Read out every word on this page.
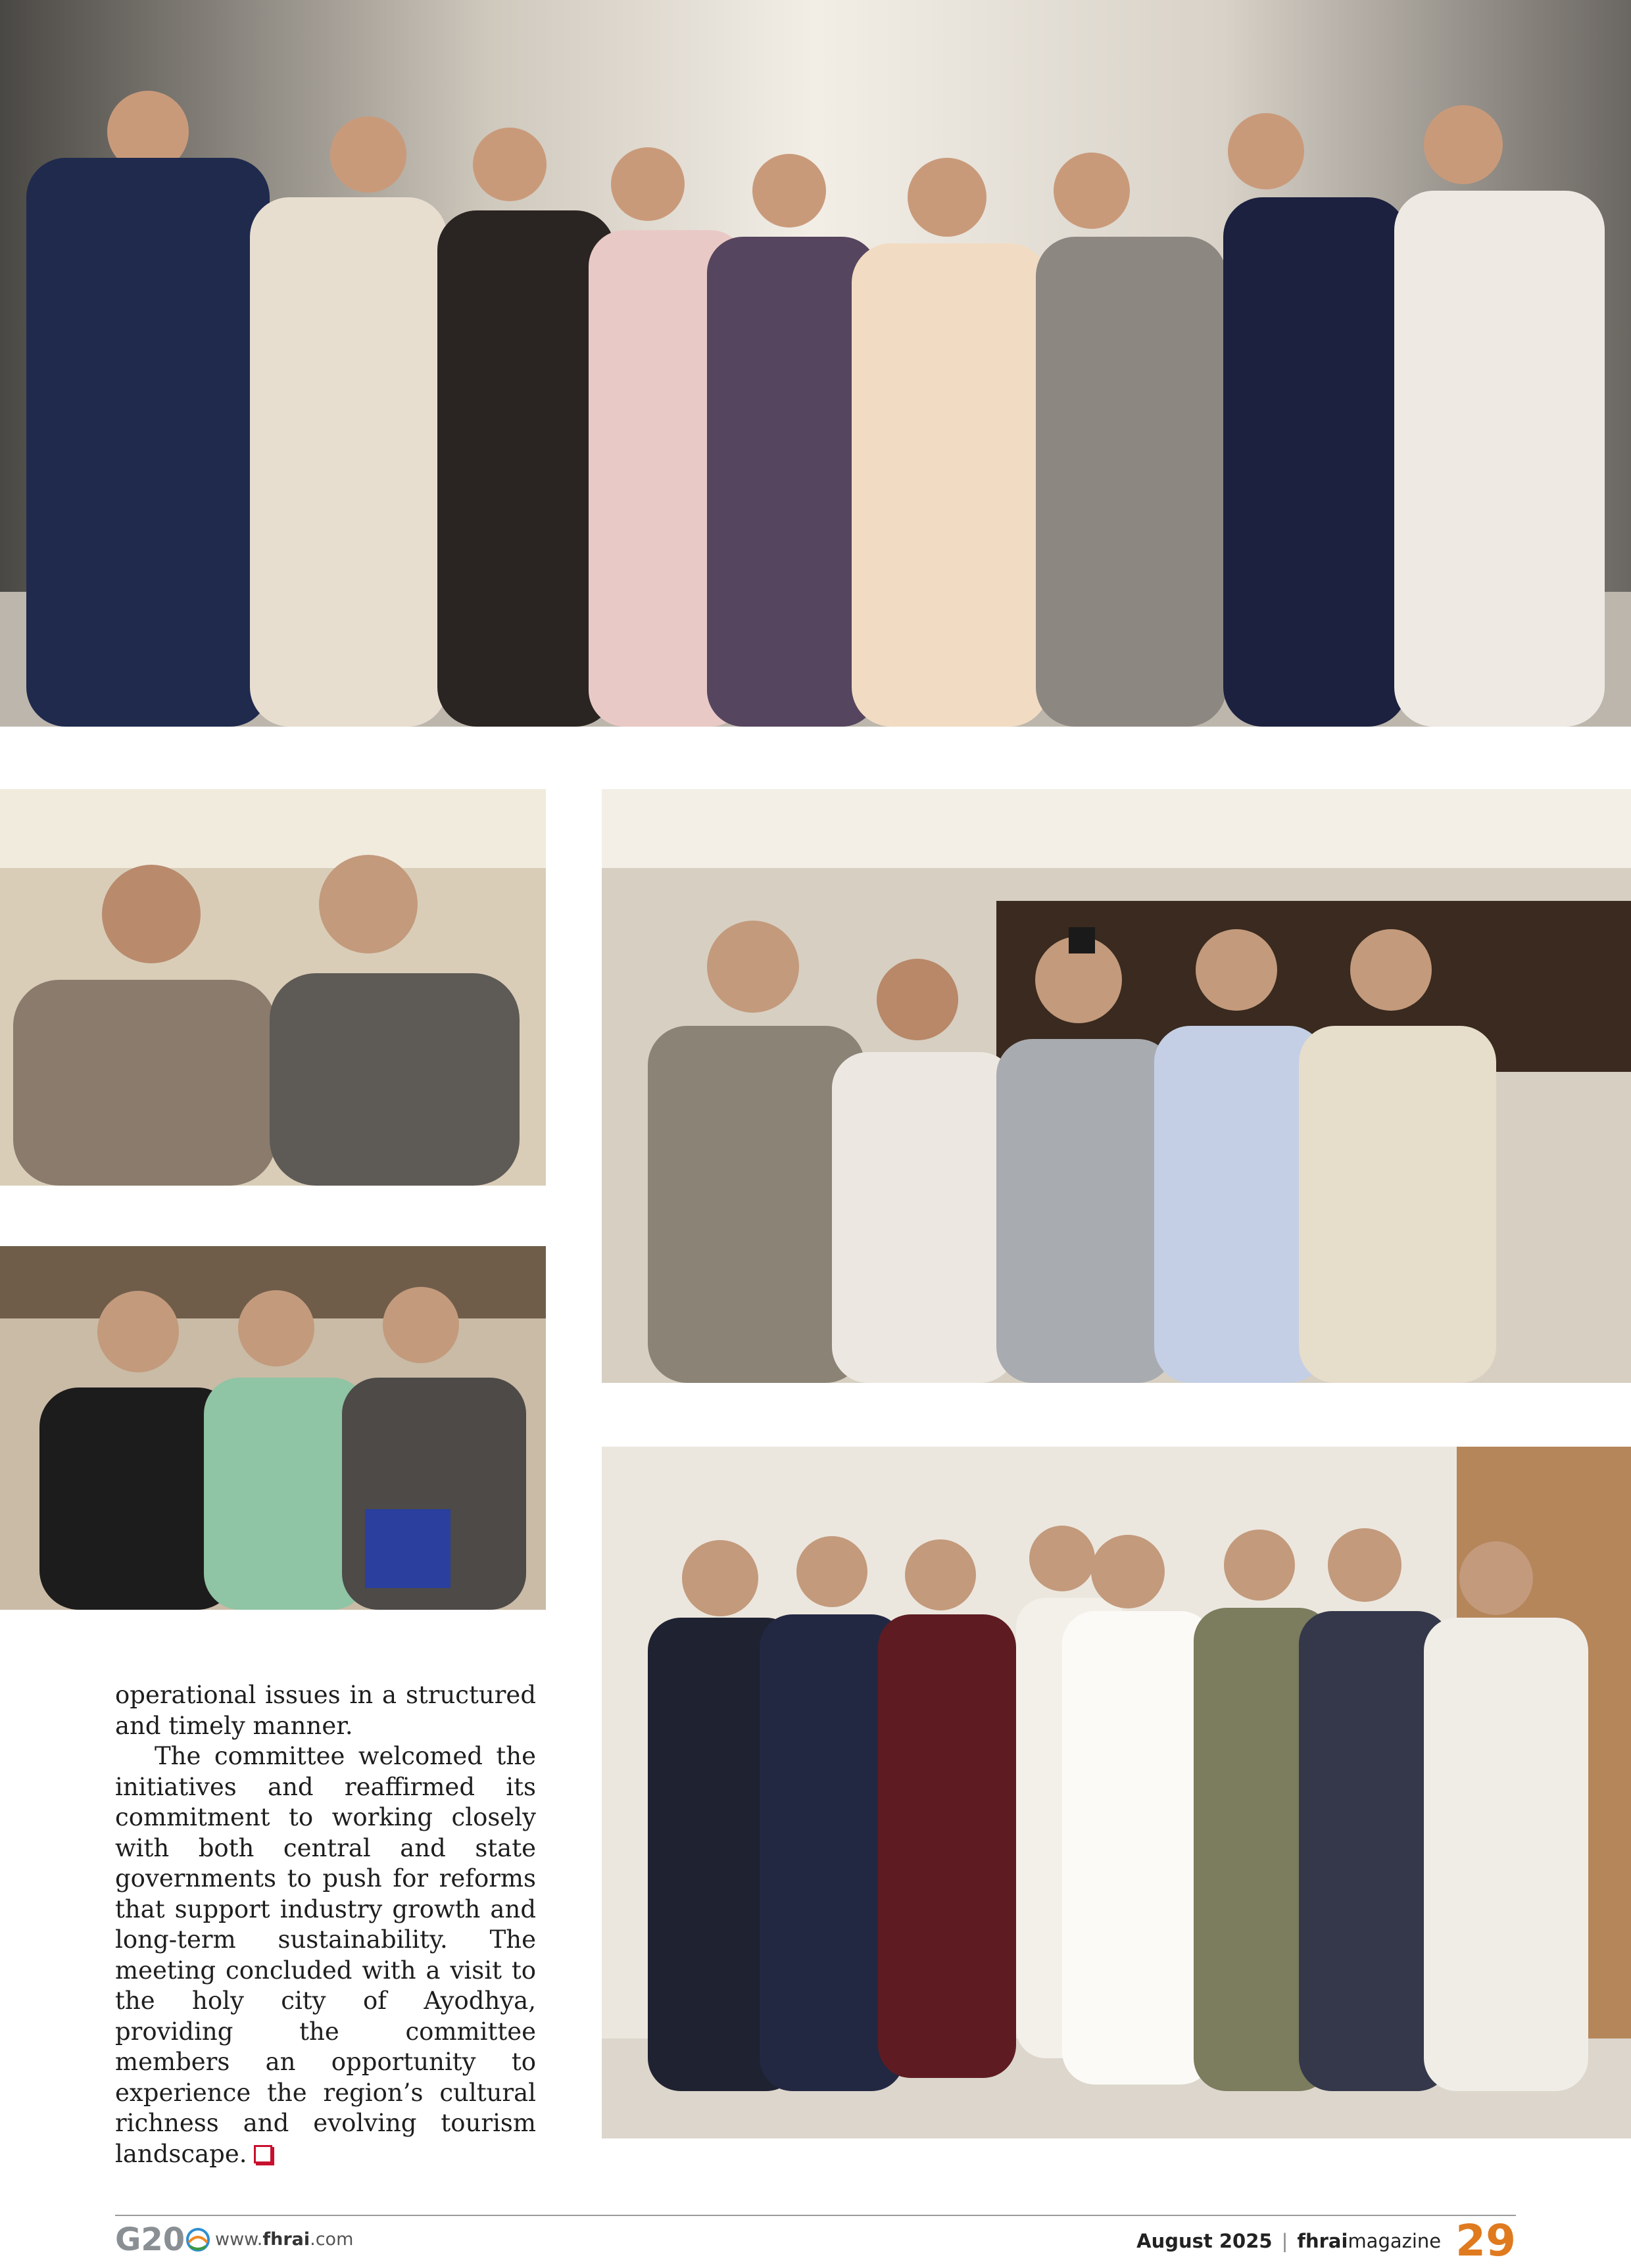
operational issues in a structured and timely manner.

The committee welcomed the initiatives and reaffirmed its commitment to working closely with both central and state governments to push for reforms that support industry growth and long-term sustainability. The meeting concluded with a visit to the holy city of Ayodhya, providing the committee members an opportunity to experience the region’s cultural richness and evolving tourism landscape.

G20 www.fhrai.com	August 2025 | fhraimagazine 29
